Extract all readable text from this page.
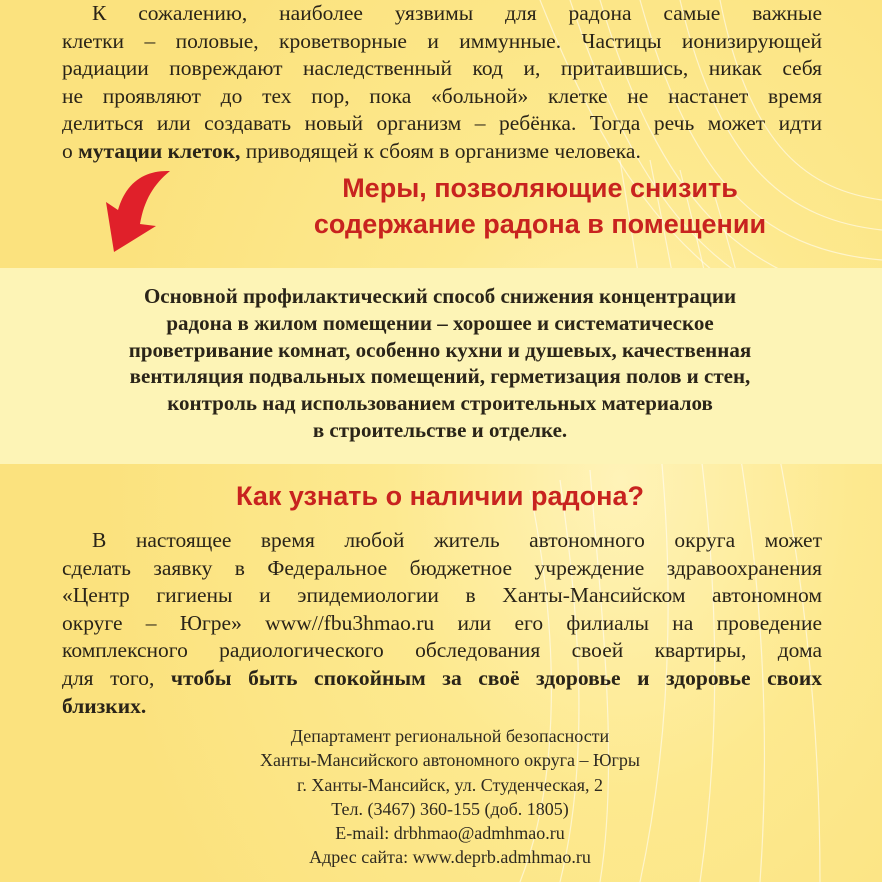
К сожалению, наиболее уязвимы для радона самые важные
клетки – половые, кроветворные и иммунные. Частицы ионизирующей
радиации повреждают наследственный код и, притаившись, никак себя
не проявляют до тех пор, пока «больной» клетке не настанет время
делиться или создавать новый организм – ребёнка. Тогда речь может идти
о мутации клеток, приводящей к сбоям в организме человека.
Меры, позволяющие снизить
содержание радона в помещении
Основной профилактический способ снижения концентрации
радона в жилом помещении – хорошее и систематическое
проветривание комнат, особенно кухни и душевых, качественная
вентиляция подвальных помещений, герметизация полов и стен,
контроль над использованием строительных материалов
в строительстве и отделке.
Как узнать о наличии радона?
В настоящее время любой житель автономного округа может
сделать заявку в Федеральное бюджетное учреждение здравоохранения
«Центр гигиены и эпидемиологии в Ханты-Мансийском автономном
округе – Югре» www//fbu3hmao.ru или его филиалы на проведение
комплексного радиологического обследования своей квартиры, дома
для того, чтобы быть спокойным за своё здоровье и здоровье своих
близких.
Департамент региональной безопасности
Ханты-Мансийского автономного округа – Югры
г. Ханты-Мансийск, ул. Студенческая, 2
Тел. (3467) 360-155 (доб. 1805)
E-mail: drbhmao@admhmao.ru
Адрес сайта: www.deprb.admhmao.ru
